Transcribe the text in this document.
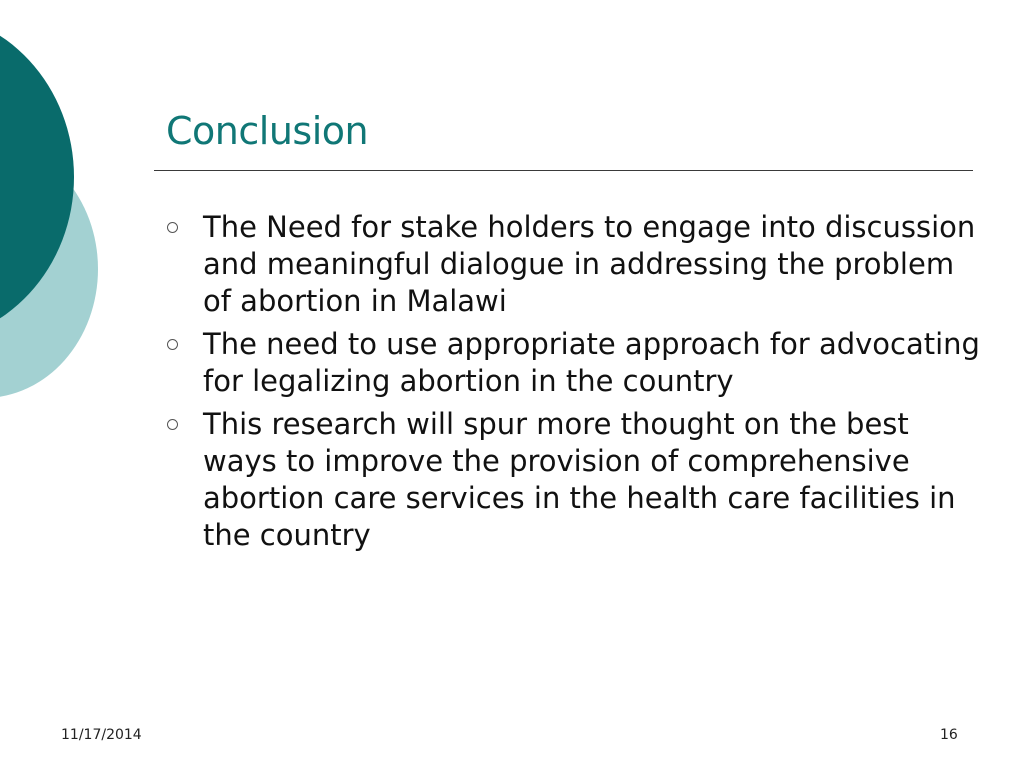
Conclusion
The Need for stake holders to engage into discussion and meaningful dialogue in addressing the problem of abortion in Malawi
The need to use appropriate approach for advocating for legalizing abortion in the country
This research will spur more thought on the best ways to improve the provision of comprehensive abortion care services in the health care facilities in the country
11/17/2014	16
